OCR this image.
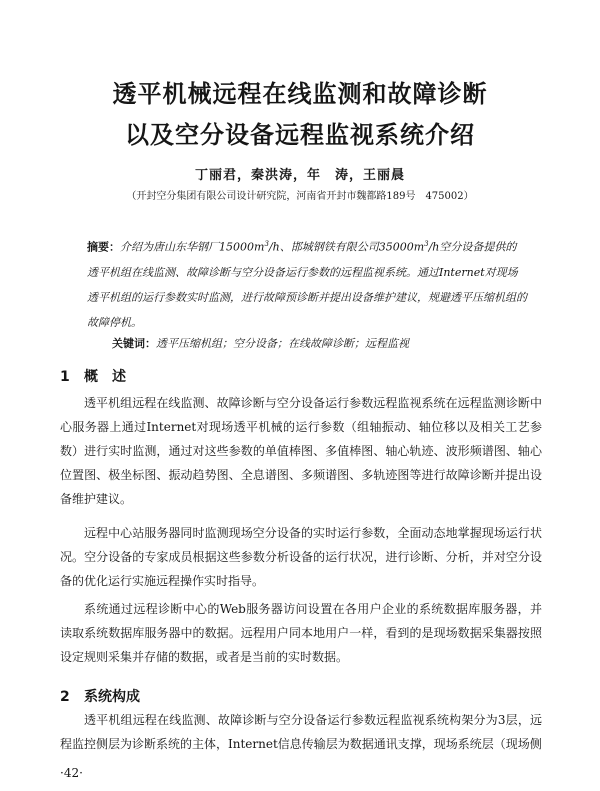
透平机械远程在线监测和故障诊断
以及空分设备远程监视系统介绍
丁丽君，秦洪涛，年　涛，王丽晨
（开封空分集团有限公司设计研究院，河南省开封市魏都路189号　475002）
摘要：介绍为唐山东华钢厂$15000m^3/h$、邯城钢铁有限公司$35000m^3/h$空分设备提供的透平机组在线监测、故障诊断与空分设备运行参数的远程监视系统。通过Internet对现场透平机组的运行参数实时监测，进行故障预诊断并提出设备维护建议，规避透平压缩机组的故障停机。
关键词：透平压缩机组；空分设备；在线故障诊断；远程监视
1 概　述
透平机组远程在线监测、故障诊断与空分设备运行参数远程监视系统在远程监测诊断中心服务器上通过Internet对现场透平机械的运行参数（组轴振动、轴位移以及相关工艺参数）进行实时监测，通过对这些参数的单值棒图、多值棒图、轴心轨迹、波形频谱图、轴心位置图、极坐标图、振动趋势图、全息谱图、多频谱图、多轨迹图等进行故障诊断并提出设备维护建议。
远程中心站服务器同时监测现场空分设备的实时运行参数，全面动态地掌握现场运行状况。空分设备的专家成员根据这些参数分析设备的运行状况，进行诊断、分析，并对空分设备的优化运行实施远程操作实时指导。
系统通过远程诊断中心的Web服务器访问设置在各用户企业的系统数据库服务器，并读取系统数据库服务器中的数据。远程用户同本地用户一样，看到的是现场数据采集器按照设定规则采集并存储的数据，或者是当前的实时数据。
2 系统构成
透平机组远程在线监测、故障诊断与空分设备运行参数远程监视系统构架分为3层，远程监控侧层为诊断系统的主体，Internet信息传输层为数据通讯支撑，现场系统层（现场侧
·42·
